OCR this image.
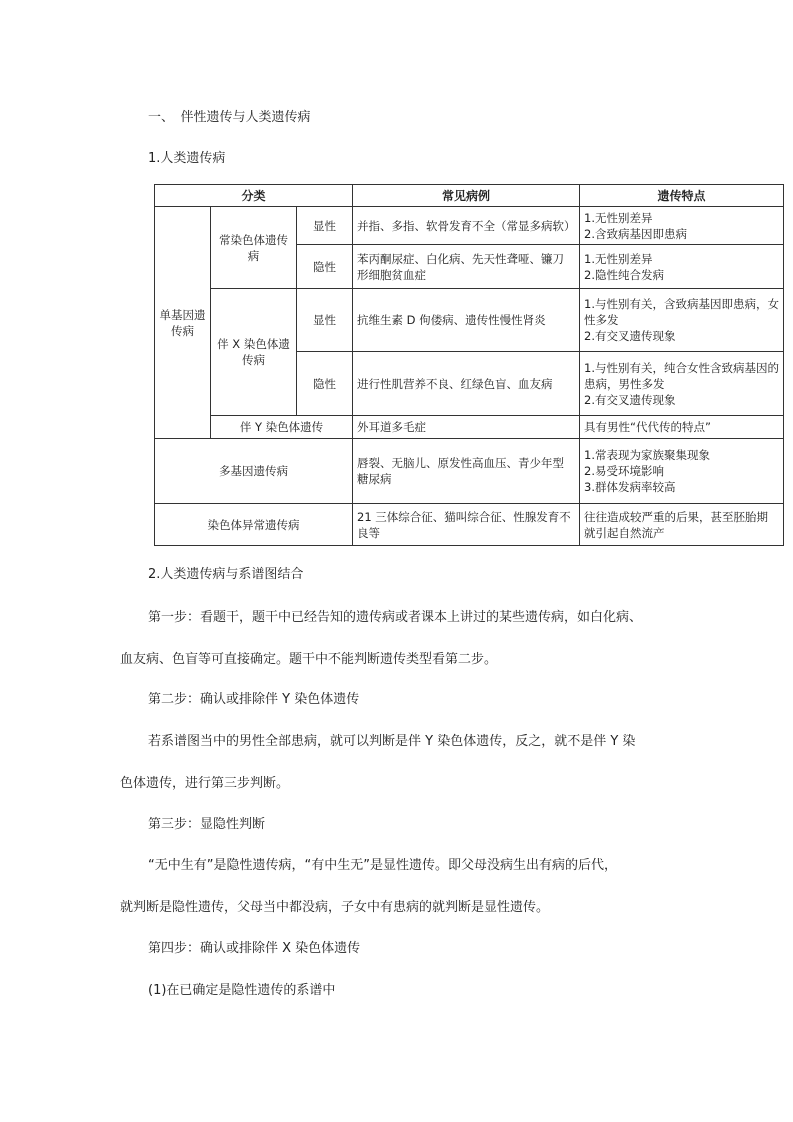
一、　伴性遗传与人类遗传病
1.人类遗传病
分类			常见病例	遗传特点
单基因遗传病	常染色体遗传病	显性	并指、多指、软骨发育不全（常显多病软）	1.无性别差异
2.含致病基因即患病

		隐性	苯丙酮尿症、白化病、先天性聋哑、镰刀形细胞贫血症	1.无性别差异
2.隐性纯合发病

	伴 X 染色体遗传病	显性	抗维生素 D 佝偻病、遗传性慢性肾炎	1.与性别有关，含致病基因即患病，女性多发
2.有交叉遗传现象

		隐性	进行性肌营养不良、红绿色盲、血友病	1.与性别有关，纯合女性含致病基因的患病，男性多发
2.有交叉遗传现象

	伴 Y 染色体遗传		外耳道多毛症	具有男性“代代传的特点”
多基因遗传病			唇裂、无脑儿、原发性高血压、青少年型糖尿病	1.常表现为家族聚集现象
2.易受环境影响
3.群体发病率较高

染色体异常遗传病			21 三体综合征、猫叫综合征、性腺发育不良等	往往造成较严重的后果，甚至胚胎期就引起自然流产
2.人类遗传病与系谱图结合
第一步：看题干，题干中已经告知的遗传病或者课本上讲过的某些遗传病，如白化病、
血友病、色盲等可直接确定。题干中不能判断遗传类型看第二步。
第二步：确认或排除伴 Y 染色体遗传
若系谱图当中的男性全部患病，就可以判断是伴 Y 染色体遗传，反之，就不是伴 Y 染
色体遗传，进行第三步判断。
第三步：显隐性判断
“无中生有”是隐性遗传病，“有中生无”是显性遗传。即父母没病生出有病的后代，
就判断是隐性遗传，父母当中都没病，子女中有患病的就判断是显性遗传。
第四步：确认或排除伴 X 染色体遗传
(1)在已确定是隐性遗传的系谱中
